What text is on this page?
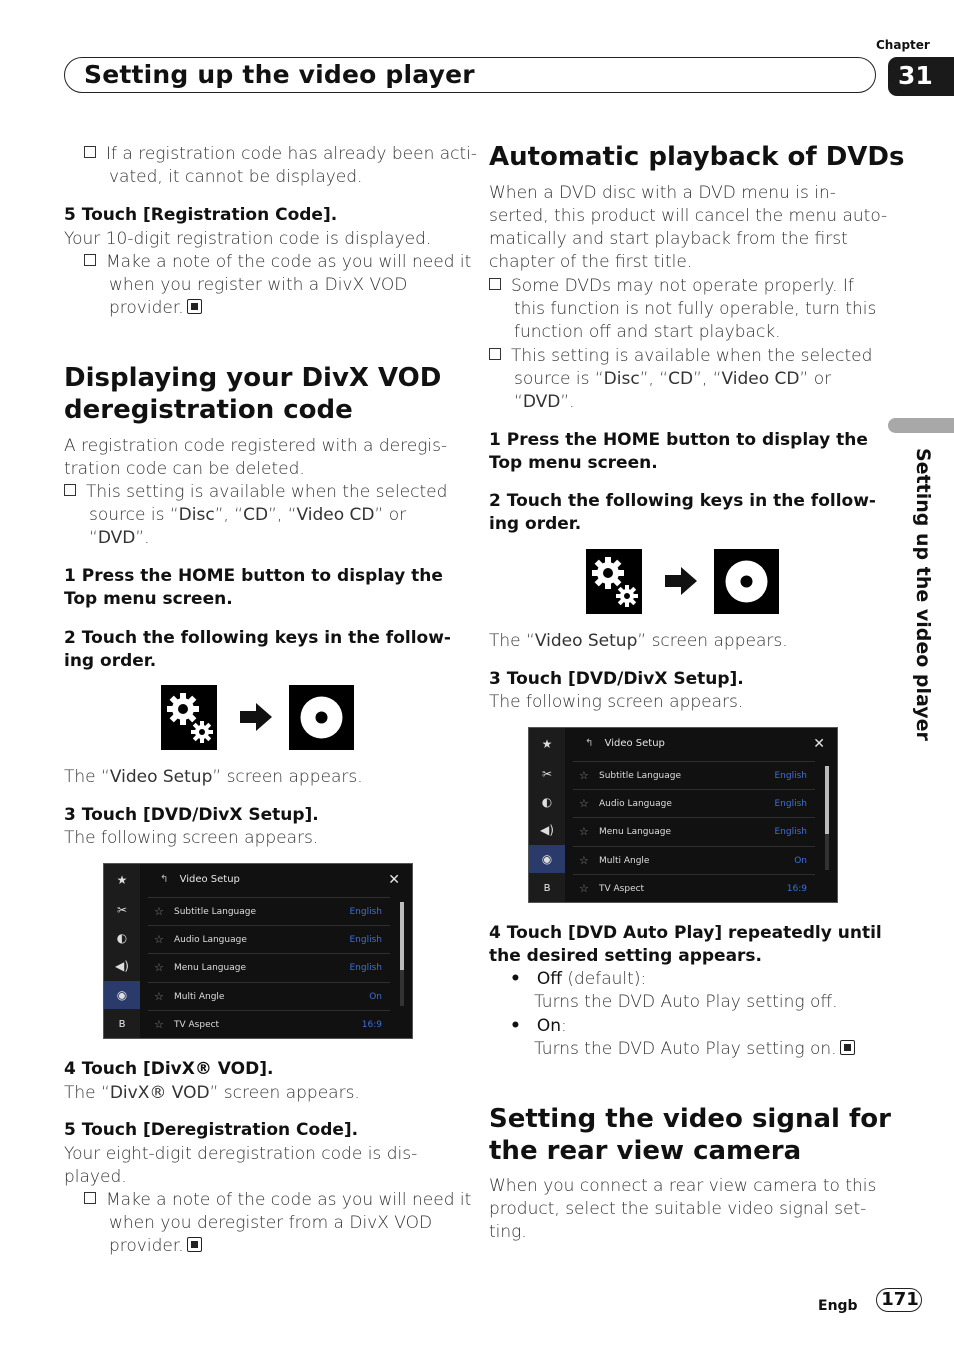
Setting up the video player
Chapter
31
Setting up the video player
If a registration code has already been acti-
vated, it cannot be displayed.
5 Touch [Registration Code].
Your 10-digit registration code is displayed.
Make a note of the code as you will need it
when you register with a DivX VOD
provider.
Displaying your DivX VOD
deregistration code
A registration code registered with a deregis-
tration code can be deleted.
This setting is available when the selected
source is “Disc”, “CD”, “Video CD” or
“DVD”.
1 Press the HOME button to display the
Top menu screen.
2 Touch the following keys in the follow-
ing order.
The “Video Setup” screen appears.
3 Touch [DVD/DivX Setup].
The following screen appears.
★
✂
◐
◀)
◉
ʙ
↰ Video Setup	✕
☆ Subtitle Language	English
☆ Audio Language	English
☆ Menu Language	English
☆ Multi Angle	On
☆ TV Aspect	16:9
4 Touch [DivX® VOD].
The “DivX® VOD” screen appears.
5 Touch [Deregistration Code].
Your eight-digit deregistration code is dis-
played.
Make a note of the code as you will need it
when you deregister from a DivX VOD
provider.
Automatic playback of DVDs
When a DVD disc with a DVD menu is in-
serted, this product will cancel the menu auto-
matically and start playback from the first
chapter of the first title.
Some DVDs may not operate properly. If
this function is not fully operable, turn this
function off and start playback.
This setting is available when the selected
source is “Disc”, “CD”, “Video CD” or
“DVD”.
1 Press the HOME button to display the
Top menu screen.
2 Touch the following keys in the follow-
ing order.
The “Video Setup” screen appears.
3 Touch [DVD/DivX Setup].
The following screen appears.
★
✂
◐
◀)
◉
ʙ
↰ Video Setup	✕
☆ Subtitle Language	English
☆ Audio Language	English
☆ Menu Language	English
☆ Multi Angle	On
☆ TV Aspect	16:9
4 Touch [DVD Auto Play] repeatedly until
the desired setting appears.
• Off (default):
Turns the DVD Auto Play setting off.
• On:
Turns the DVD Auto Play setting on.
Setting the video signal for
the rear view camera
When you connect a rear view camera to this
product, select the suitable video signal set-
ting.
Engb 171
